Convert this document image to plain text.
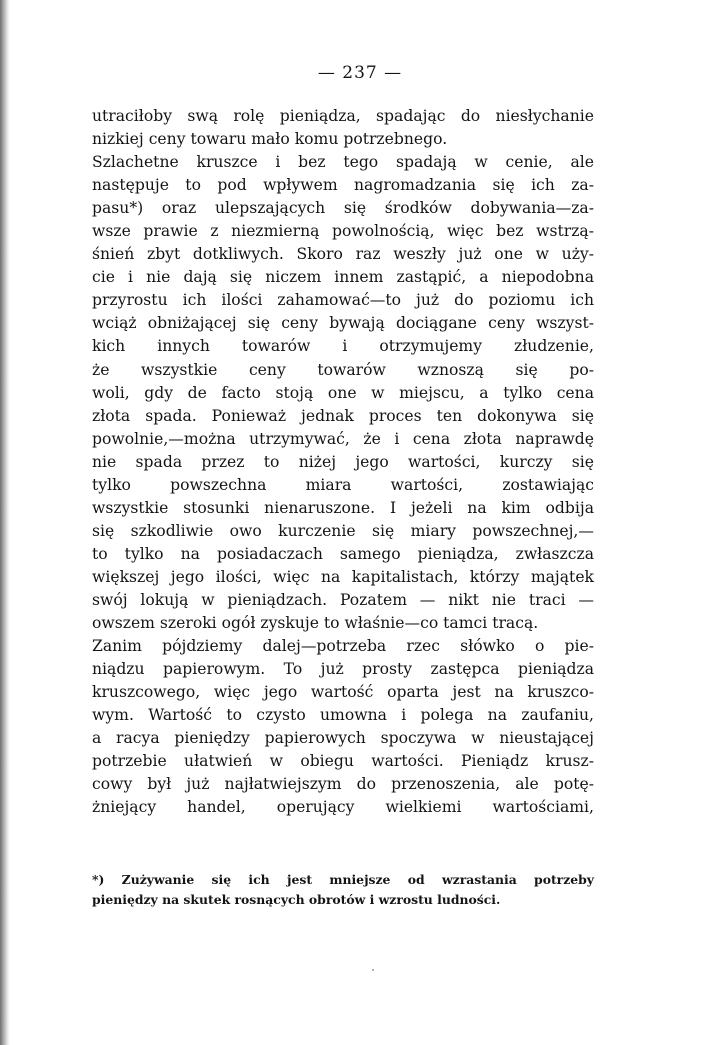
— 237 —
utraciłoby swą rolę pieniądza, spadając do niesłychanie
nizkiej ceny towaru mało komu potrzebnego.
Szlachetne kruszce i bez tego spadają w cenie, ale
następuje to pod wpływem nagromadzania się ich za-
pasu*) oraz ulepszających się środków dobywania—za-
wsze prawie z niezmierną powolnością, więc bez wstrzą-
śnień zbyt dotkliwych. Skoro raz weszły już one w uży-
cie i nie dają się niczem innem zastąpić, a niepodobna
przyrostu ich ilości zahamować—to już do poziomu ich
wciąż obniżającej się ceny bywają dociągane ceny wszyst-
kich innych towarów i otrzymujemy złudzenie,
że wszystkie ceny towarów wznoszą się po-
woli, gdy de facto stoją one w miejscu, a tylko cena
złota spada. Ponieważ jednak proces ten dokonywa się
powolnie,—można utrzymywać, że i cena złota naprawdę
nie spada przez to niżej jego wartości, kurczy się
tylko powszechna miara wartości, zostawiając
wszystkie stosunki nienaruszone. I jeżeli na kim odbija
się szkodliwie owo kurczenie się miary powszechnej,—
to tylko na posiadaczach samego pieniądza, zwłaszcza
większej jego ilości, więc na kapitalistach, którzy majątek
swój lokują w pieniądzach. Pozatem — nikt nie traci —
owszem szeroki ogół zyskuje to właśnie—co tamci tracą.
Zanim pójdziemy dalej—potrzeba rzec słówko o pie-
niądzu papierowym. To już prosty zastępca pieniądza
kruszcowego, więc jego wartość oparta jest na kruszco-
wym. Wartość to czysto umowna i polega na zaufaniu,
a racya pieniędzy papierowych spoczywa w nieustającej
potrzebie ułatwień w obiegu wartości. Pieniądz krusz-
cowy był już najłatwiejszym do przenoszenia, ale potę-
żniejący handel, operujący wielkiemi wartościami,
*) Zużywanie się ich jest mniejsze od wzrastania potrzeby
pieniędzy na skutek rosnących obrotów i wzrostu ludności.
